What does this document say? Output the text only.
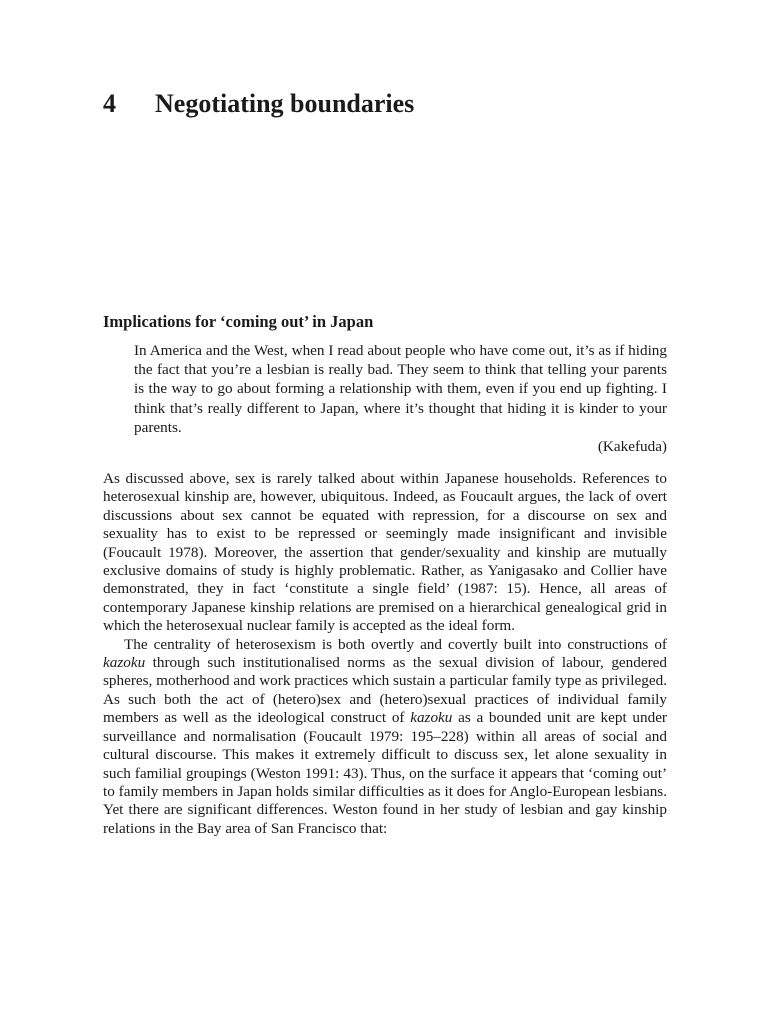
4 Negotiating boundaries
Implications for ‘coming out’ in Japan

In America and the West, when I read about people who have come out, it’s as if hiding the fact that you’re a lesbian is really bad. They seem to think that telling your parents is the way to go about forming a relationship with them, even if you end up fighting. I think that’s really different to Japan, where it’s thought that hiding it is kinder to your parents.

(Kakefuda)

As discussed above, sex is rarely talked about within Japanese households. References to heterosexual kinship are, however, ubiquitous. Indeed, as Foucault argues, the lack of overt discussions about sex cannot be equated with repression, for a discourse on sex and sexuality has to exist to be repressed or seemingly made insignificant and invisible (Foucault 1978). Moreover, the assertion that gender/sexuality and kinship are mutually exclusive domains of study is highly problematic. Rather, as Yanigasako and Collier have demonstrated, they in fact ‘constitute a single field’ (1987: 15). Hence, all areas of contemporary Japanese kinship relations are premised on a hierarchical genealogical grid in which the heterosexual nuclear family is accepted as the ideal form.

The centrality of heterosexism is both overtly and covertly built into constructions of kazoku through such institutionalised norms as the sexual division of labour, gendered spheres, motherhood and work practices which sustain a particular family type as privileged. As such both the act of (hetero)sex and (hetero)sexual practices of individual family members as well as the ideological construct of kazoku as a bounded unit are kept under surveillance and normalisation (Foucault 1979: 195–228) within all areas of social and cultural discourse. This makes it extremely difficult to discuss sex, let alone sexuality in such familial groupings (Weston 1991: 43). Thus, on the surface it appears that ‘coming out’ to family members in Japan holds similar difficulties as it does for Anglo-European lesbians. Yet there are significant differences. Weston found in her study of lesbian and gay kinship relations in the Bay area of San Francisco that:
